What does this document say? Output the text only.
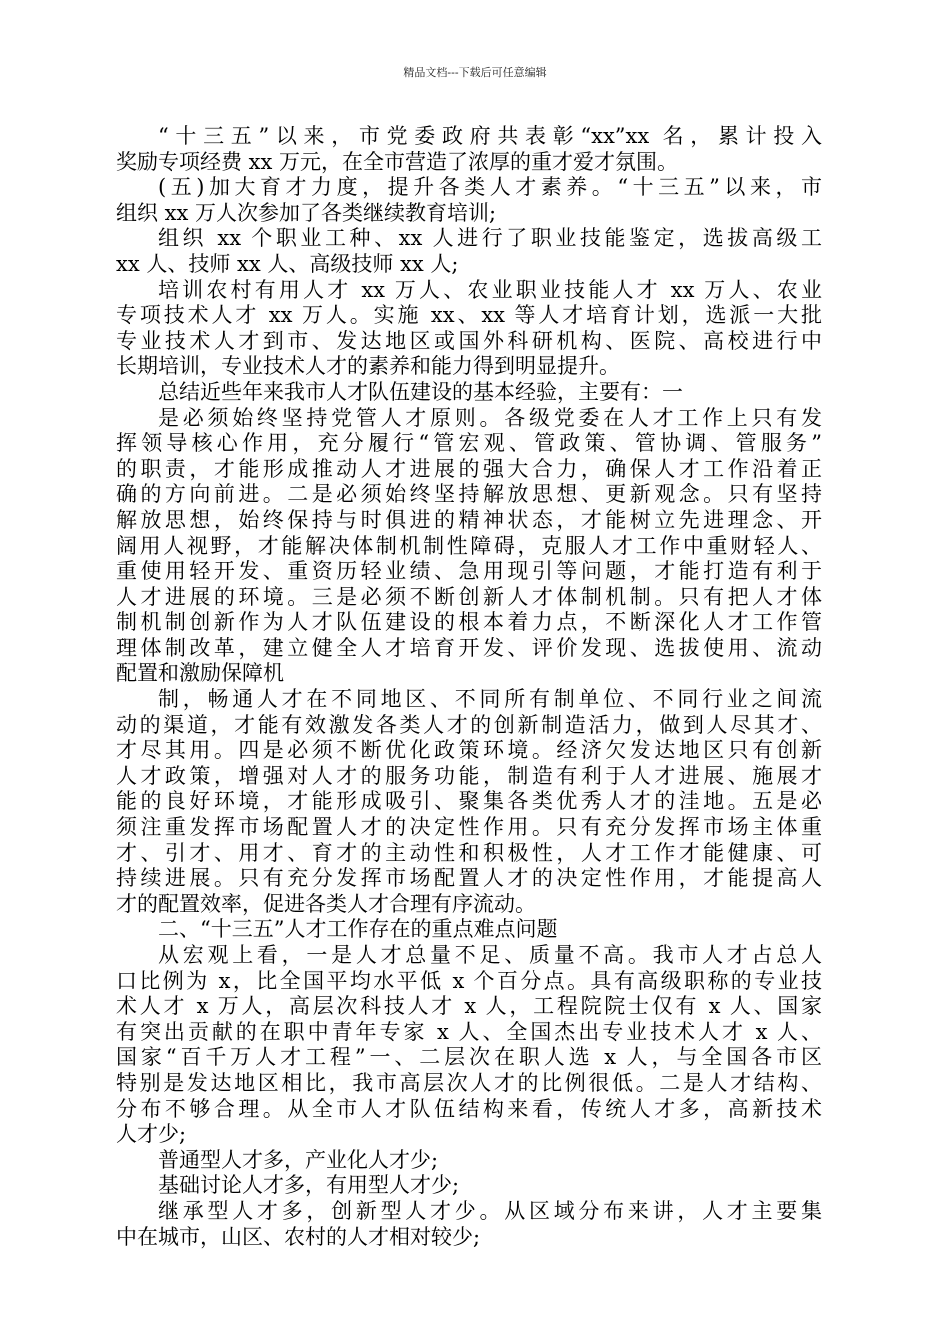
精品文档---下载后可任意编辑
“十三五”以来，市党委政府共表彰“xx”xx 名，累计投入
奖励专项经费 xx 万元，在全市营造了浓厚的重才爱才氛围。
(五)加大育才力度，提升各类人才素养。“十三五”以来，市
组织 xx 万人次参加了各类继续教育培训;
组织 xx 个职业工种、xx 人进行了职业技能鉴定，选拔高级工
xx 人、技师 xx 人、高级技师 xx 人;
培训农村有用人才 xx 万人、农业职业技能人才 xx 万人、农业
专项技术人才 xx 万人。实施 xx、xx 等人才培育计划，选派一大批
专业技术人才到市、发达地区或国外科研机构、医院、高校进行中
长期培训，专业技术人才的素养和能力得到明显提升。
总结近些年来我市人才队伍建设的基本经验，主要有：一
是必须始终坚持党管人才原则。各级党委在人才工作上只有发
挥领导核心作用，充分履行“管宏观、管政策、管协调、管服务”
的职责，才能形成推动人才进展的强大合力，确保人才工作沿着正
确的方向前进。二是必须始终坚持解放思想、更新观念。只有坚持
解放思想，始终保持与时俱进的精神状态，才能树立先进理念、开
阔用人视野，才能解决体制机制性障碍，克服人才工作中重财轻人、
重使用轻开发、重资历轻业绩、急用现引等问题，才能打造有利于
人才进展的环境。三是必须不断创新人才体制机制。只有把人才体
制机制创新作为人才队伍建设的根本着力点，不断深化人才工作管
理体制改革，建立健全人才培育开发、评价发现、选拔使用、流动
配置和激励保障机
制，畅通人才在不同地区、不同所有制单位、不同行业之间流
动的渠道，才能有效激发各类人才的创新制造活力，做到人尽其才、
才尽其用。四是必须不断优化政策环境。经济欠发达地区只有创新
人才政策，增强对人才的服务功能，制造有利于人才进展、施展才
能的良好环境，才能形成吸引、聚集各类优秀人才的洼地。五是必
须注重发挥市场配置人才的决定性作用。只有充分发挥市场主体重
才、引才、用才、育才的主动性和积极性，人才工作才能健康、可
持续进展。只有充分发挥市场配置人才的决定性作用，才能提高人
才的配置效率，促进各类人才合理有序流动。
二、“十三五”人才工作存在的重点难点问题
从宏观上看，一是人才总量不足、质量不高。我市人才占总人
口比例为 x，比全国平均水平低 x 个百分点。具有高级职称的专业技
术人才 x 万人，高层次科技人才 x 人，工程院院士仅有 x 人、国家
有突出贡献的在职中青年专家 x 人、全国杰出专业技术人才 x 人、
国家“百千万人才工程”一、二层次在职人选 x 人，与全国各市区
特别是发达地区相比，我市高层次人才的比例很低。二是人才结构、
分布不够合理。从全市人才队伍结构来看，传统人才多，高新技术
人才少;
普通型人才多，产业化人才少;
基础讨论人才多，有用型人才少;
继承型人才多，创新型人才少。从区域分布来讲，人才主要集
中在城市，山区、农村的人才相对较少;
